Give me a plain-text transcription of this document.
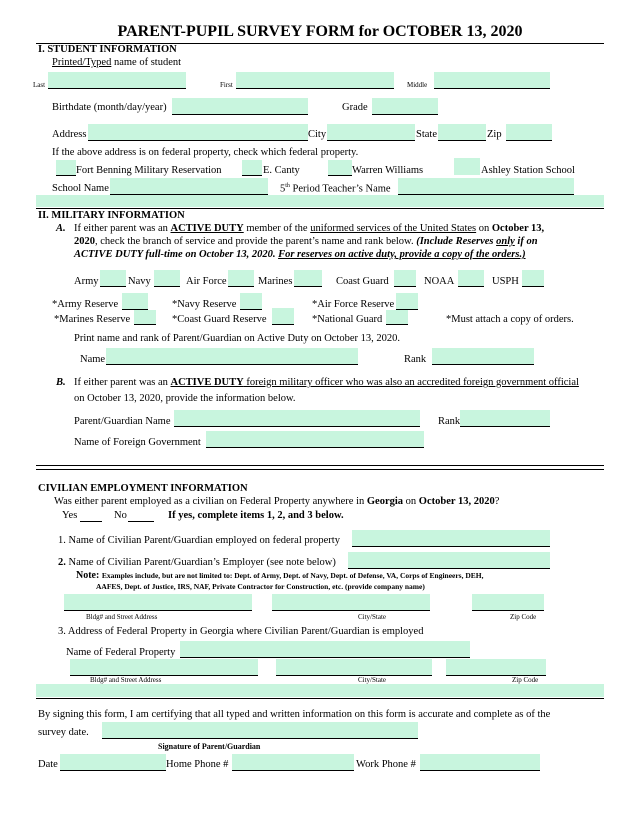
PARENT-PUPIL SURVEY FORM for OCTOBER 13, 2020
I. STUDENT INFORMATION
Printed/Typed name of student
Last	First	Middle
Birthdate (month/day/year)	Grade
Address	City	State	Zip
If the above address is on federal property, check which federal property.
Fort Benning Military Reservation	E. Canty	Warren Williams	Ashley Station School
School Name	5th Period Teacher’s Name
II. MILITARY INFORMATION
A. If either parent was an ACTIVE DUTY member of the uniformed services of the United States on October 13,
2020, check the branch of service and provide the parent’s name and rank below. (Include Reserves only if on
ACTIVE DUTY full-time on October 13, 2020. For reserves on active duty, provide a copy of the orders.)
Army	Navy	Air Force	Marines	Coast Guard	NOAA	USPH
*Army Reserve	*Navy Reserve	*Air Force Reserve
*Marines Reserve	*Coast Guard Reserve	*National Guard	*Must attach a copy of orders.
Print name and rank of Parent/Guardian on Active Duty on October 13, 2020.
Name	Rank
B. If either parent was an ACTIVE DUTY foreign military officer who was also an accredited foreign government official
on October 13, 2020, provide the information below.
Parent/Guardian Name	Rank
Name of Foreign Government
CIVILIAN EMPLOYMENT INFORMATION
Was either parent employed as a civilian on Federal Property anywhere in Georgia on October 13, 2020?
Yes	No	If yes, complete items 1, 2, and 3 below.
1. Name of Civilian Parent/Guardian employed on federal property
2. Name of Civilian Parent/Guardian’s Employer (see note below)
Note: Examples include, but are not limited to: Dept. of Army, Dept. of Navy, Dept. of Defense, VA, Corps of Engineers, DEH,
AAFES, Dept. of Justice, IRS, NAF, Private Contractor for Construction, etc. (provide company name)
Bldg# and Street Address	City/State	Zip Code
3. Address of Federal Property in Georgia where Civilian Parent/Guardian is employed
Name of Federal Property
Bldg# and Street Address	City/State	Zip Code
By signing this form, I am certifying that all typed and written information on this form is accurate and complete as of the
survey date.
Signature of Parent/Guardian
Date	Home Phone #	Work Phone #
